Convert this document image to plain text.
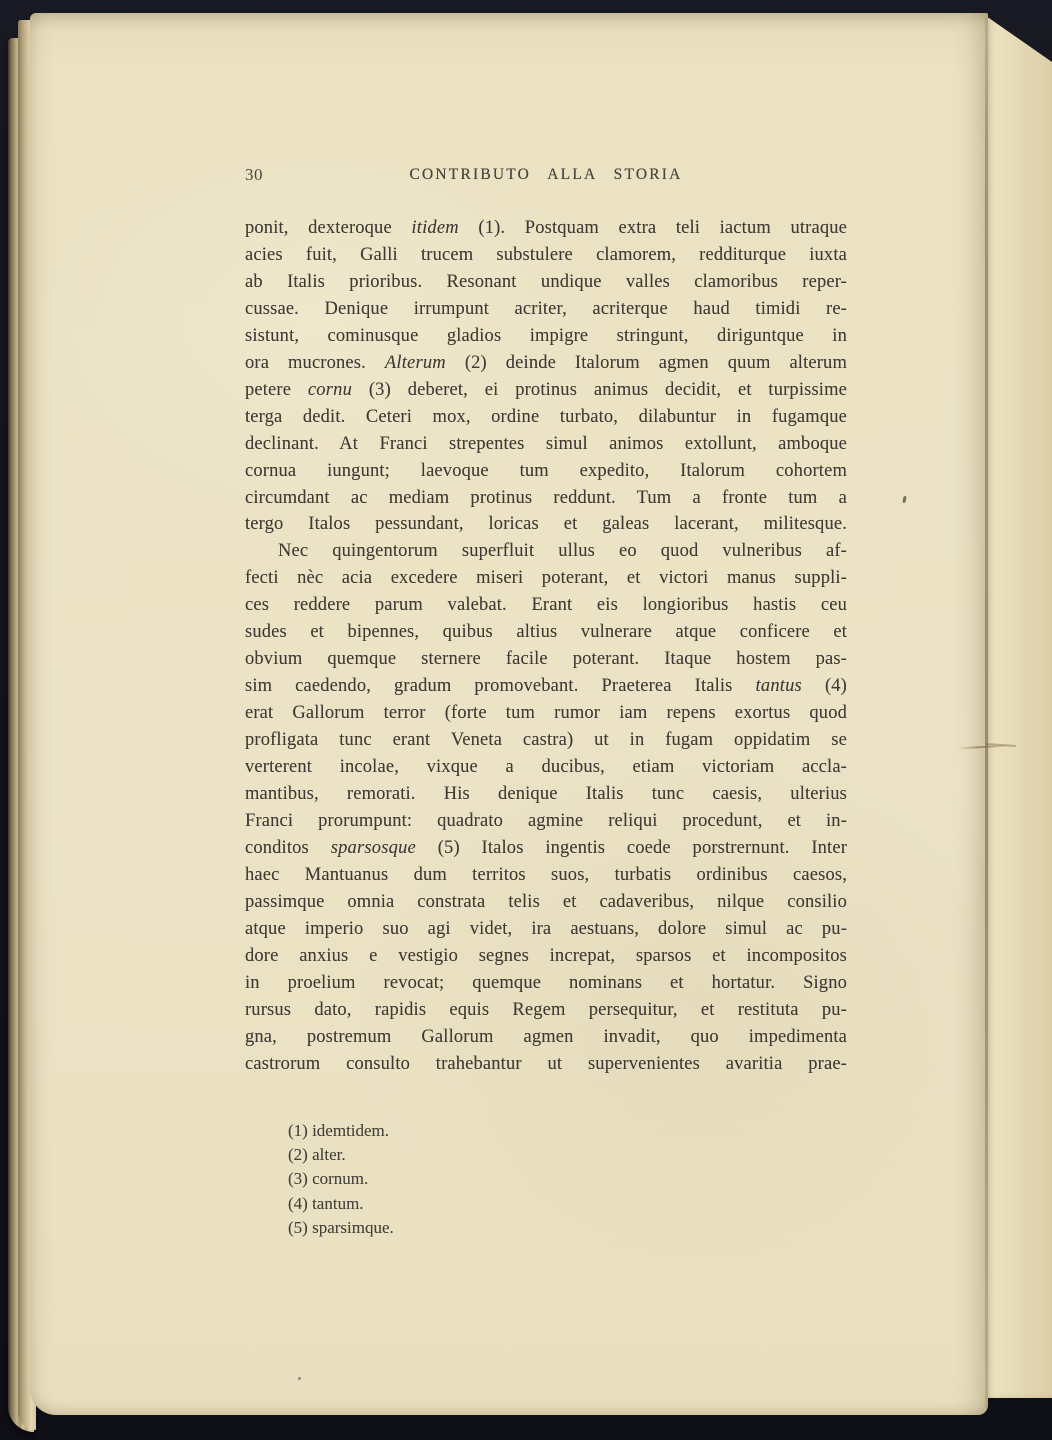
30	CONTRIBUTO ALLA STORIA
ponit, dexteroque itidem (1). Postquam extra teli iactum utraque
acies fuit, Galli trucem substulere clamorem, redditurque iuxta
ab Italis prioribus. Resonant undique valles clamoribus reper-
cussae. Denique irrumpunt acriter, acriterque haud timidi re-
sistunt, cominusque gladios impigre stringunt, diriguntque in
ora mucrones. Alterum (2) deinde Italorum agmen quum alterum
petere cornu (3) deberet, ei protinus animus decidit, et turpissime
terga dedit. Ceteri mox, ordine turbato, dilabuntur in fugamque
declinant. At Franci strepentes simul animos extollunt, amboque
cornua iungunt; laevoque tum expedito, Italorum cohortem
circumdant ac mediam protinus reddunt. Tum a fronte tum a
tergo Italos pessundant, loricas et galeas lacerant, militesque.
Nec quingentorum superfluit ullus eo quod vulneribus af-
fecti nèc acia excedere miseri poterant, et victori manus suppli-
ces reddere parum valebat. Erant eis longioribus hastis ceu
sudes et bipennes, quibus altius vulnerare atque conficere et
obvium quemque sternere facile poterant. Itaque hostem pas-
sim caedendo, gradum promovebant. Praeterea Italis tantus (4)
erat Gallorum terror (forte tum rumor iam repens exortus quod
profligata tunc erant Veneta castra) ut in fugam oppidatim se
verterent incolae, vixque a ducibus, etiam victoriam accla-
mantibus, remorati. His denique Italis tunc caesis, ulterius
Franci prorumpunt: quadrato agmine reliqui procedunt, et in-
conditos sparsosque (5) Italos ingentis coede porstrernunt. Inter
haec Mantuanus dum territos suos, turbatis ordinibus caesos,
passimque omnia constrata telis et cadaveribus, nilque consilio
atque imperio suo agi videt, ira aestuans, dolore simul ac pu-
dore anxius e vestigio segnes increpat, sparsos et incompositos
in proelium revocat; quemque nominans et hortatur. Signo
rursus dato, rapidis equis Regem persequitur, et restituta pu-
gna, postremum Gallorum agmen invadit, quo impedimenta
castrorum consulto trahebantur ut supervenientes avaritia prae-
(1) idemtidem.
(2) alter.
(3) cornum.
(4) tantum.
(5) sparsimque.
